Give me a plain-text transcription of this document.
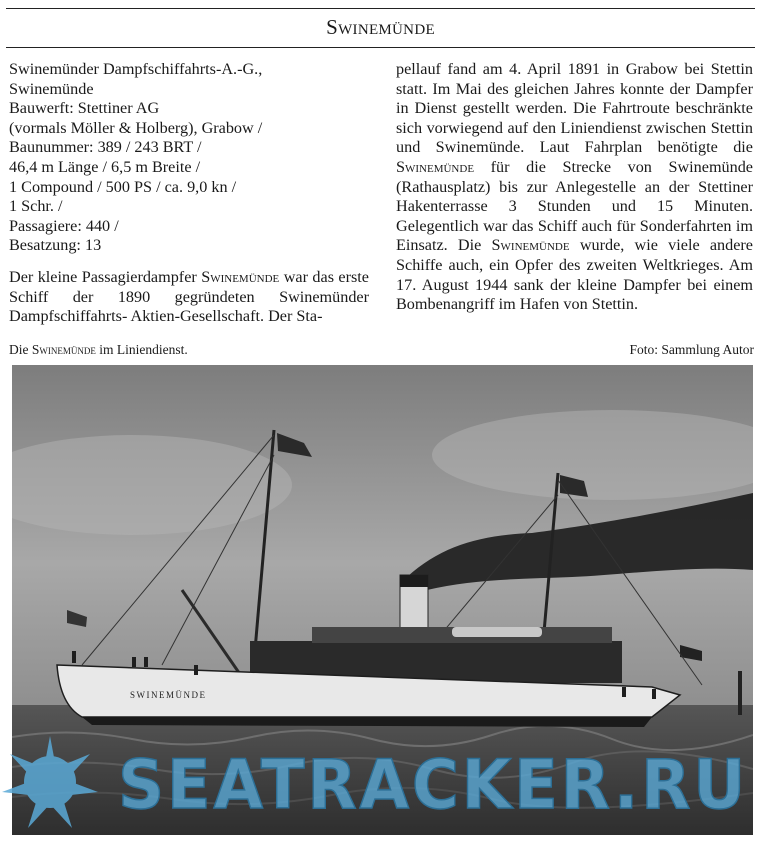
Swinemünde
Swinemünder Dampfschiffahrts-A.-G.,
Swinemünde
Bauwerft: Stettiner AG
(vormals Möller & Holberg), Grabow /
Baunummer: 389 / 243 BRT /
46,4 m Länge / 6,5 m Breite /
1 Compound / 500 PS / ca. 9,0 kn /
1 Schr. /
Passagiere: 440 /
Besatzung: 13
Der kleine Passagierdampfer Swinemünde war das erste Schiff der 1890 gegründeten Swinemünder Dampfschiffahrts- Aktien-Gesellschaft. Der Sta-
pellauf fand am 4. April 1891 in Grabow bei Stettin statt. Im Mai des gleichen Jahres konnte der Dampfer in Dienst gestellt werden. Die Fahrtroute beschränkte sich vorwiegend auf den Liniendienst zwischen Stettin und Swinemünde. Laut Fahrplan benötigte die Swinemünde für die Strecke von Swinemünde (Rathausplatz) bis zur Anlegestelle an der Stettiner Hakenterrasse 3 Stunden und 15 Minuten. Gelegentlich war das Schiff auch für Sonderfahrten im Einsatz. Die Swinemünde wurde, wie viele andere Schiffe auch, ein Opfer des zweiten Weltkrieges. Am 17. August 1944 sank der kleine Dampfer bei einem Bombenangriff im Hafen von Stettin.
Die Swinemünde im Liniendienst.	Foto: Sammlung Autor
SWINEMÜNDE
SEATRACKER.RU
